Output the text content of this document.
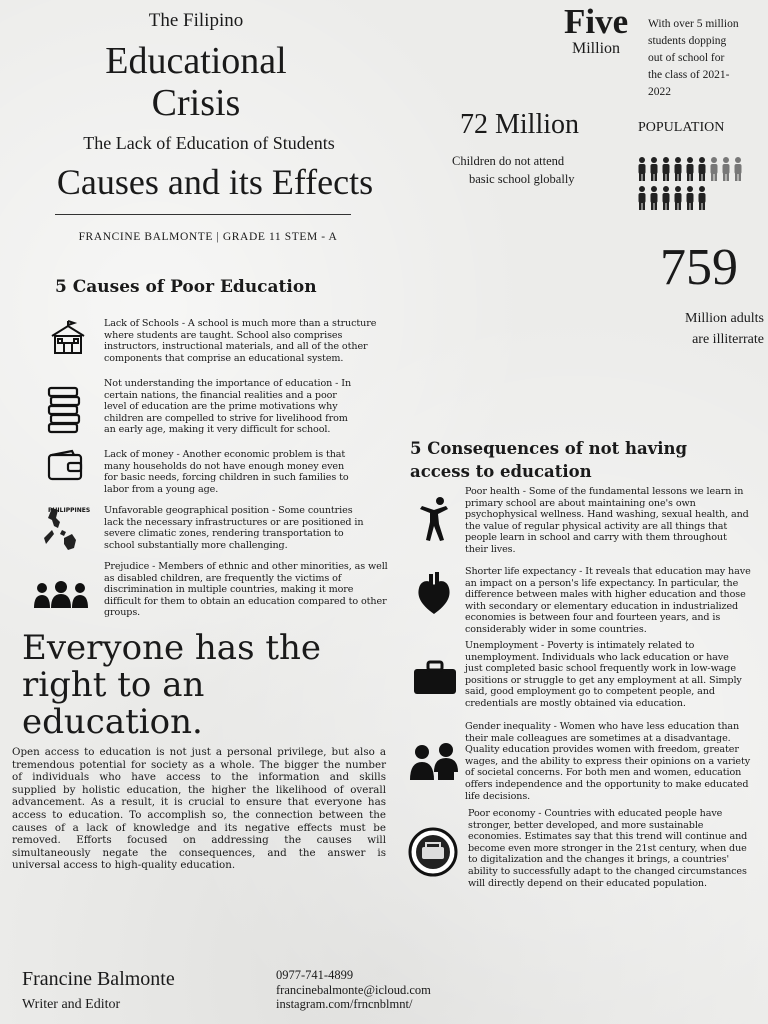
The Filipino
Educational
Crisis
The Lack of Education of Students
Causes and its Effects
FRANCINE BALMONTE | GRADE 11 STEM - A
Five
Million
With over 5 million
students dopping
out of school for
the class of 2021-
2022
72 Million
Children do not attend
basic school globally
POPULATION
759
Million adults
are illiterrate
5 Causes of Poor Education
Lack of Schools - A school is much more than a structure
where students are taught. School also comprises
instructors, instructional materials, and all of the other
components that comprise an educational system.
Not understanding the importance of education - In
certain nations, the financial realities and a poor
level of education are the prime motivations why
children are compelled to strive for livelihood from
an early age, making it very difficult for school.
Lack of money - Another economic problem is that
many households do not have enough money even
for basic needs, forcing children in such families to
labor from a young age.
PHILIPPINES Unfavorable geographical position - Some countries
lack the necessary infrastructures or are positioned in
severe climatic zones, rendering transportation to
school substantially more challenging.
Prejudice - Members of ethnic and other minorities, as well
as disabled children, are frequently the victims of
discrimination in multiple countries, making it more
difficult for them to obtain an education compared to other
groups.
5 Consequences of not having
access to education
Poor health - Some of the fundamental lessons we learn in
primary school are about maintaining one's own
psychophysical wellness. Hand washing, sexual health, and
the value of regular physical activity are all things that
people learn in school and carry with them throughout
their lives.
Shorter life expectancy - It reveals that education may have
an impact on a person's life expectancy. In particular, the
difference between males with higher education and those
with secondary or elementary education in industrialized
economies is between four and fourteen years, and is
considerably wider in some countries.
Unemployment - Poverty is intimately related to
unemployment. Individuals who lack education or have
just completed basic school frequently work in low-wage
positions or struggle to get any employment at all. Simply
said, good employment go to competent people, and
credentials are mostly obtained via education.
Gender inequality - Women who have less education than
their male colleagues are sometimes at a disadvantage.
Quality education provides women with freedom, greater
wages, and the ability to express their opinions on a variety
of societal concerns. For both men and women, education
offers independence and the opportunity to make educated
life decisions.
Poor economy - Countries with educated people have
stronger, better developed, and more sustainable
economies. Estimates say that this trend will continue and
become even more stronger in the 21st century, when due
to digitalization and the changes it brings, a countries'
ability to successfully adapt to the changed circumstances
will directly depend on their educated population.
Everyone has the
right to an
education.
Open access to education is not just a personal privilege, but also a
tremendous potential for society as a whole. The bigger the number
of individuals who have access to the information and skills
supplied by holistic education, the higher the likelihood of overall
advancement. As a result, it is crucial to ensure that everyone has
access to education. To accomplish so, the connection between the
causes of a lack of knowledge and its negative effects must be
removed. Efforts focused on addressing the causes will
simultaneously negate the consequences, and the answer is
universal access to high-quality education.
Francine Balmonte
Writer and Editor
0977-741-4899
francinebalmonte@icloud.com
instagram.com/frncnblmnt/
